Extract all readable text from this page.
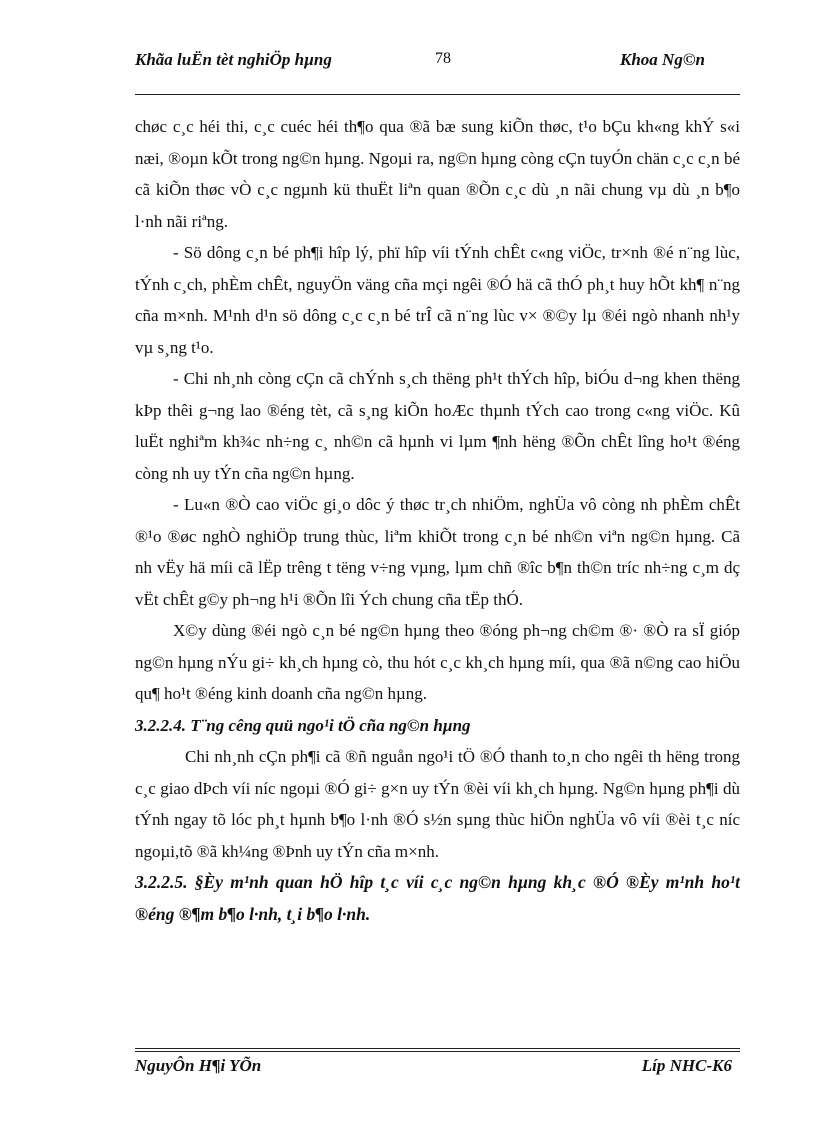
Khãa luËn tèt nghiÖp hµng	78	Khoa Ng©n

chøc c¸c héi thi, c¸c cuéc héi th¶o qua ®ã bæ sung kiÕn thøc, t¹o bÇu kh«ng khÝ s«i næi, ®oµn kÕt trong ng©n hµng. Ngoµi ra, ng©n hµng còng cÇn tuyÓn chän c¸c c¸n bé cã kiÕn thøc vÒ c¸c ngµnh kü thuËt liªn quan ®Õn c¸c dù ¸n nãi chung vµ dù ¸n b¶o l·nh nãi riªng.

- Sö dông c¸n bé ph¶i hîp lý, phï hîp víi tÝnh chÊt c«ng viÖc, tr×nh ®é n¨ng lùc, tÝnh c¸ch, phÈm chÊt, nguyÖn väng cña mçi ngêi ®Ó hä cã thÓ ph¸t huy hÕt kh¶ n¨ng cña m×nh. M¹nh d¹n sö dông c¸c c¸n bé trÎ cã n¨ng lùc v× ®©y lµ ®éi ngò nhanh nh¹y vµ s¸ng t¹o.

- Chi nh¸nh còng cÇn cã chÝnh s¸ch thëng ph¹t thÝch hîp, biÓu d¬ng khen thëng kÞp thêi g¬ng lao ®éng tèt, cã s¸ng kiÕn hoÆc thµnh tÝch cao trong c«ng viÖc. Kû luËt nghiªm kh¾c nh÷ng c¸ nh©n cã hµnh vi lµm ¶nh hëng ®Õn chÊt lîng ho¹t ®éng còng nh uy tÝn cña ng©n hµng.

- Lu«n ®Ò cao viÖc gi¸o dôc ý thøc tr¸ch nhiÖm, nghÜa vô còng nh phÈm chÊt ®¹o ®øc nghÒ nghiÖp trung thùc, liªm khiÕt trong c¸n bé nh©n viªn ng©n hµng. Cã nh vËy hä míi cã lËp trêng t tëng v÷ng vµng, lµm chñ ®îc b¶n th©n tríc nh÷ng c¸m dç vËt chÊt g©y ph¬ng h¹i ®Õn lîi Ých chung cña tËp thÓ.

X©y dùng ®éi ngò c¸n bé ng©n hµng theo ®óng ph¬ng ch©m ®· ®Ò ra sÏ gióp ng©n hµng nÝu gi÷ kh¸ch hµng cò, thu hót c¸c kh¸ch hµng míi, qua ®ã n©ng cao hiÖu qu¶ ho¹t ®éng kinh doanh cña ng©n hµng.

3.2.2.4. T¨ng cêng quü ngo¹i tÖ cña ng©n hµng

Chi nh¸nh cÇn ph¶i cã ®ñ nguån ngo¹i tÖ ®Ó thanh to¸n cho ngêi th hëng trong c¸c giao dÞch víi níc ngoµi ®Ó gi÷ g×n uy tÝn ®èi víi kh¸ch hµng. Ng©n hµng ph¶i dù tÝnh ngay tõ lóc ph¸t hµnh b¶o l·nh ®Ó s½n sµng thùc hiÖn nghÜa vô víi ®èi t¸c níc ngoµi,tõ ®ã kh¼ng ®Þnh uy tÝn cña m×nh.

3.2.2.5. §Èy m¹nh quan hÖ hîp t¸c víi c¸c ng©n hµng kh¸c ®Ó ®Èy m¹nh ho¹t ®éng ®¶m b¶o l·nh, t¸i b¶o l·nh.
NguyÔn H¶i YÕn	Líp NHC-K6
